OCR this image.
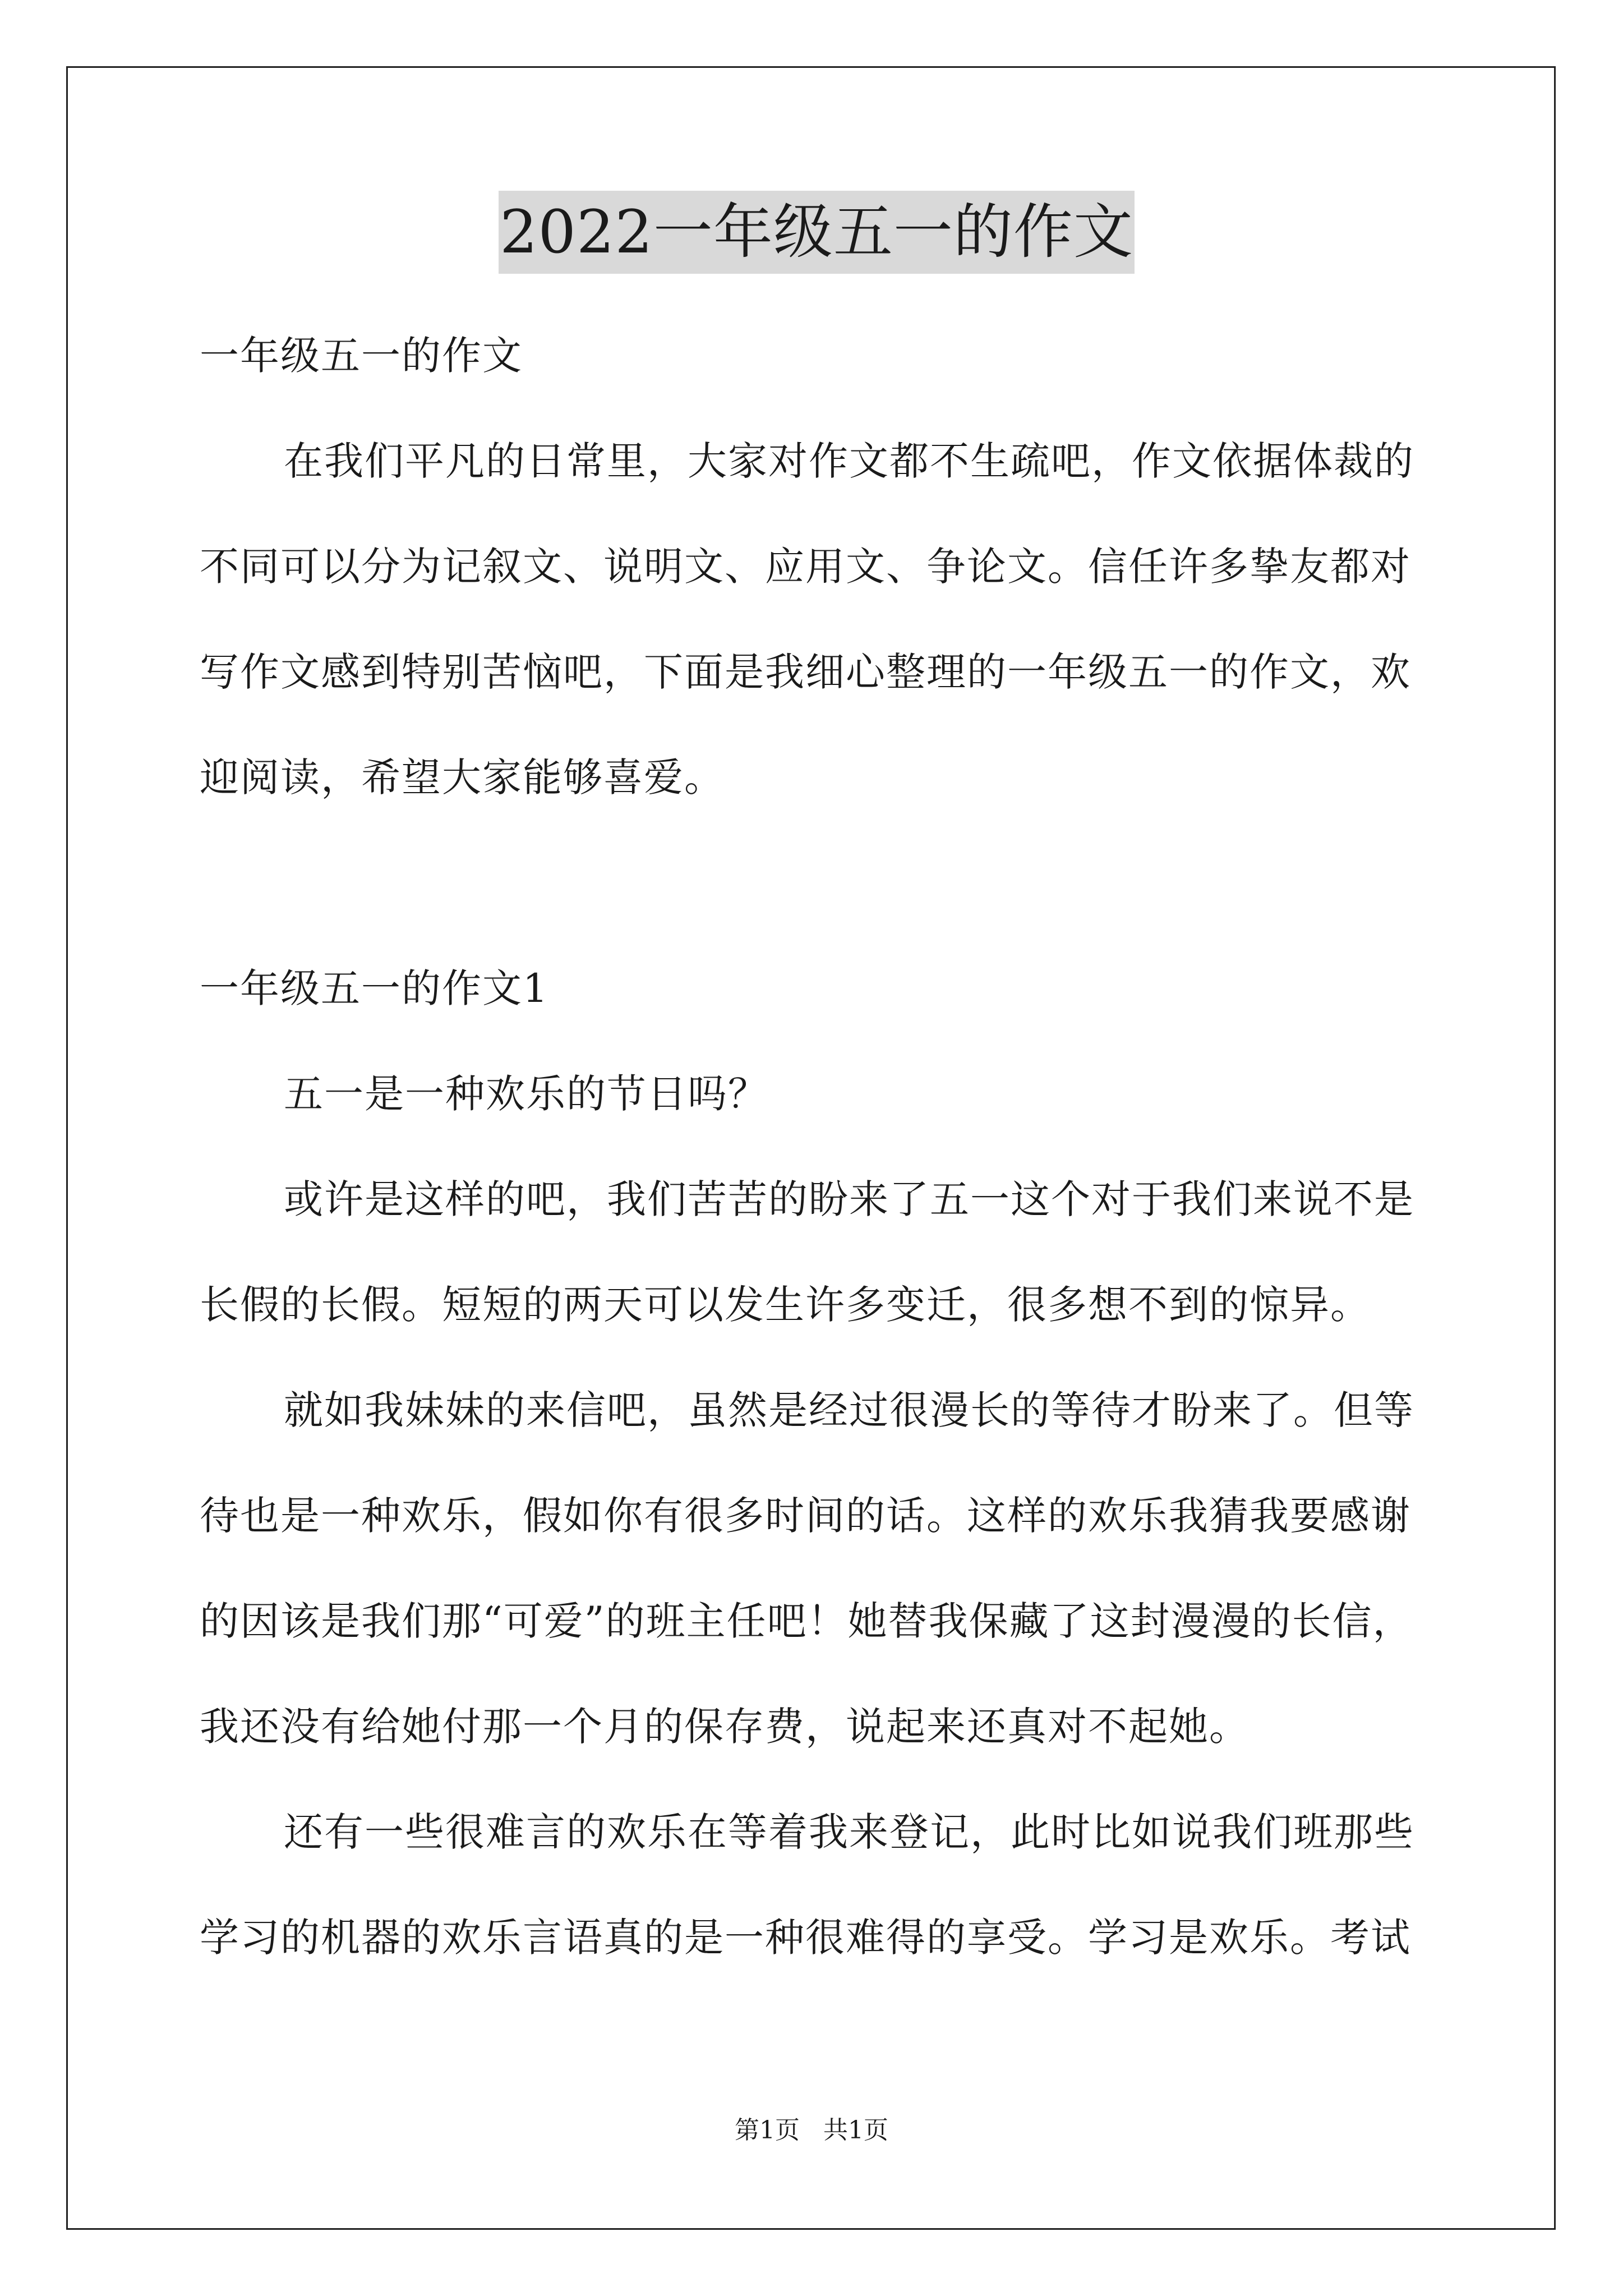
2022一年级五一的作文
一年级五一的作文
在我们平凡的日常里，大家对作文都不生疏吧，作文依据体裁的
不同可以分为记叙文、说明文、应用文、争论文。信任许多挚友都对
写作文感到特别苦恼吧，下面是我细心整理的一年级五一的作文，欢
迎阅读，希望大家能够喜爱。
一年级五一的作文1
五一是一种欢乐的节日吗？
或许是这样的吧，我们苦苦的盼来了五一这个对于我们来说不是
长假的长假。短短的两天可以发生许多变迁，很多想不到的惊异。
就如我妹妹的来信吧，虽然是经过很漫长的等待才盼来了。但等
待也是一种欢乐，假如你有很多时间的话。这样的欢乐我猜我要感谢
的因该是我们那“可爱”的班主任吧！她替我保藏了这封漫漫的长信，
我还没有给她付那一个月的保存费，说起来还真对不起她。
还有一些很难言的欢乐在等着我来登记，此时比如说我们班那些
学习的机器的欢乐言语真的是一种很难得的享受。学习是欢乐。考试
第1页 共1页
